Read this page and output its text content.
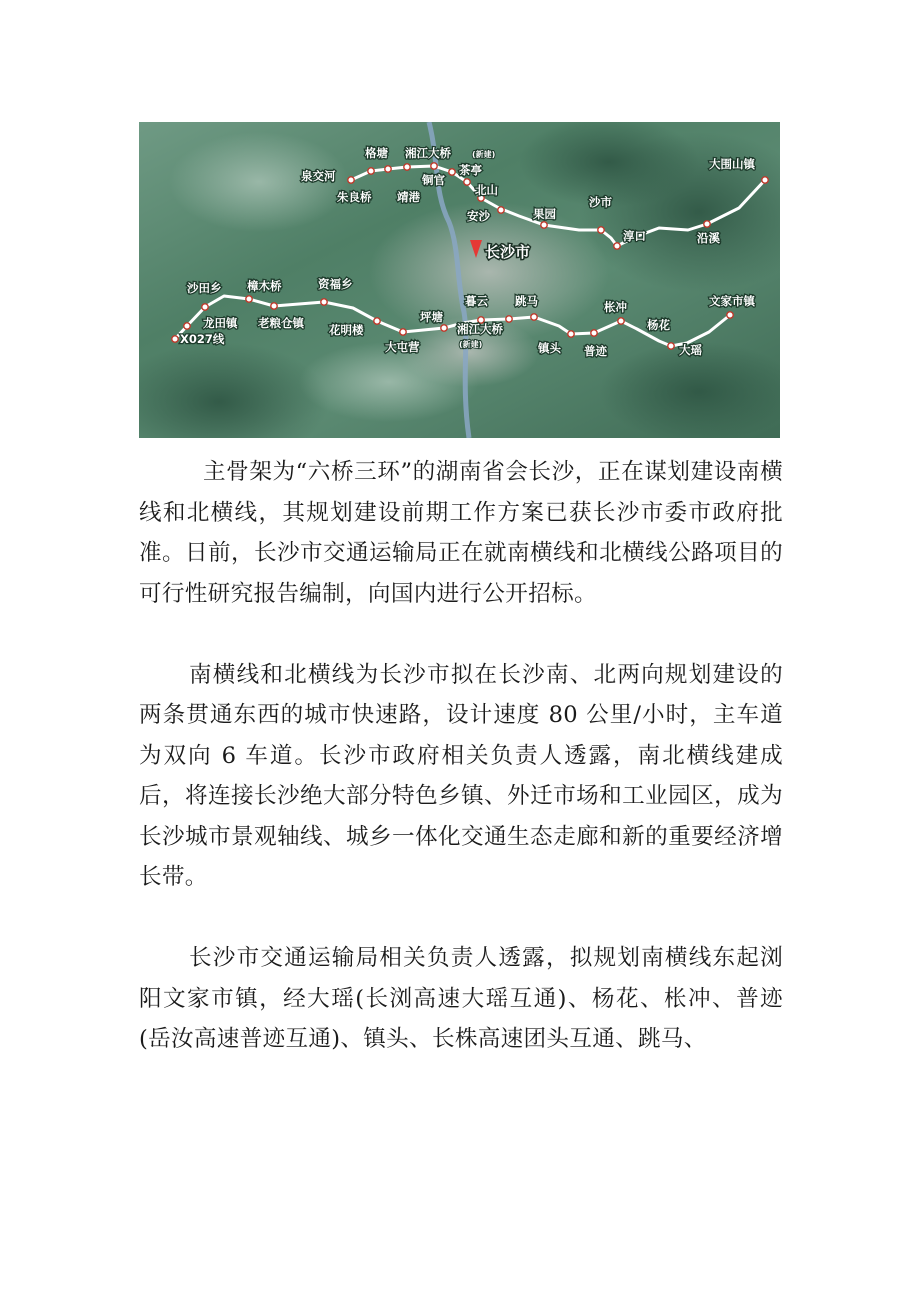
长沙市
格塘 湘江大桥	(新建)
泉交河
朱良桥 靖港
铜官
茶亭
北山
安沙	果园
沙市
淳口	沿溪
大围山镇
沙田乡 樟木桥	资福乡
龙田镇 老粮仓镇
X027线
花明楼
大屯营
坪塘
暮云 跳马
湘江大桥
(新建)	镇头 普迹
枨冲
杨花
大瑶
文家市镇

主骨架为“六桥三环”的湖南省会长沙，正在谋划建设南横线和北横线，其规划建设前期工作方案已获长沙市委市政府批准。日前，长沙市交通运输局正在就南横线和北横线公路项目的可行性研究报告编制，向国内进行公开招标。

南横线和北横线为长沙市拟在长沙南、北两向规划建设的两条贯通东西的城市快速路，设计速度 80 公里/小时，主车道为双向 6 车道。长沙市政府相关负责人透露，南北横线建成后，将连接长沙绝大部分特色乡镇、外迁市场和工业园区，成为长沙城市景观轴线、城乡一体化交通生态走廊和新的重要经济增长带。

长沙市交通运输局相关负责人透露，拟规划南横线东起浏阳文家市镇，经大瑶(长浏高速大瑶互通)、杨花、枨冲、普迹(岳汝高速普迹互通)、镇头、长株高速团头互通、跳马、
